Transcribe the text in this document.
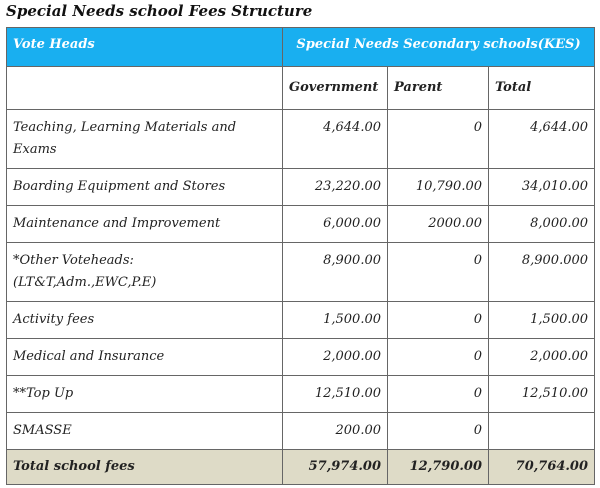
Special Needs school Fees Structure
Vote Heads	Special Needs Secondary schools(KES)		
	Government	Parent	Total
Teaching, Learning Materials and Exams	4,644.00	0	4,644.00
Boarding Equipment and Stores	23,220.00	10,790.00	34,010.00
Maintenance and Improvement	6,000.00	2000.00	8,000.00
*Other Voteheads:(LT&T,Adm.,EWC,P.E)	8,900.00	0	8,900.000
Activity fees	1,500.00	0	1,500.00
Medical and Insurance	2,000.00	0	2,000.00
**Top Up	12,510.00	0	12,510.00
SMASSE	200.00	0	
Total school fees	57,974.00	12,790.00	70,764.00
